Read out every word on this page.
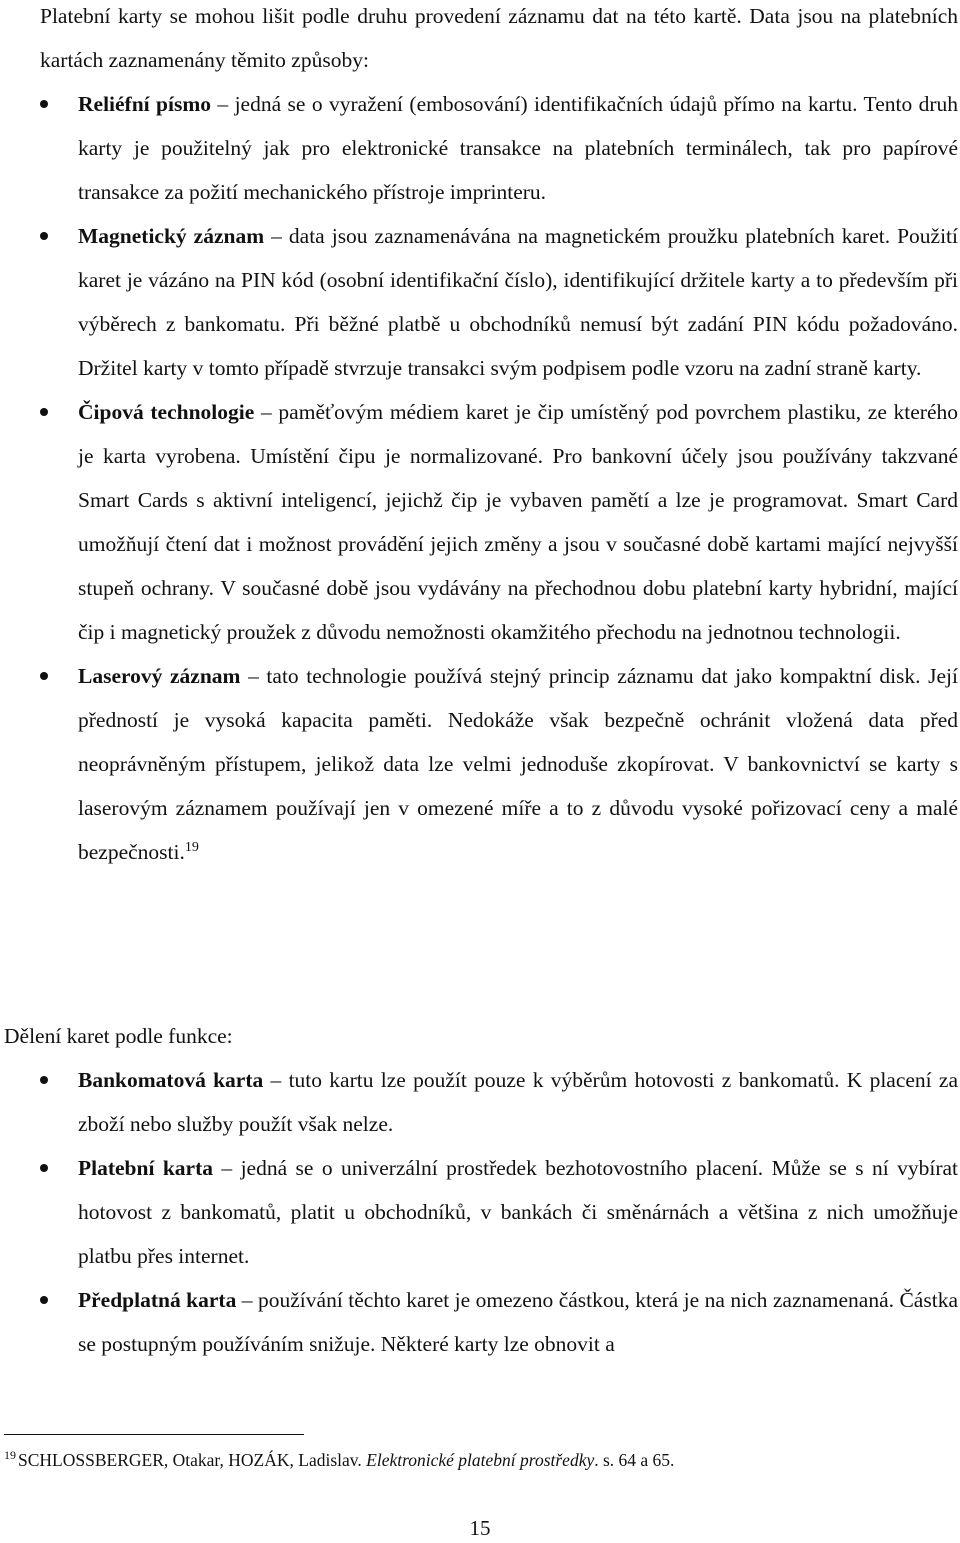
Platební karty se mohou lišit podle druhu provedení záznamu dat na této kartě. Data jsou na platebních kartách zaznamenány těmito způsoby:

Reliéfní písmo – jedná se o vyražení (embosování) identifikačních údajů přímo na kartu. Tento druh karty je použitelný jak pro elektronické transakce na platebních terminálech, tak pro papírové transakce za požití mechanického přístroje imprinteru.
Magnetický záznam – data jsou zaznamenávána na magnetickém proužku platebních karet. Použití karet je vázáno na PIN kód (osobní identifikační číslo), identifikující držitele karty a to především při výběrech z bankomatu. Při běžné platbě u obchodníků nemusí být zadání PIN kódu požadováno. Držitel karty v tomto případě stvrzuje transakci svým podpisem podle vzoru na zadní straně karty.
Čipová technologie – paměťovým médiem karet je čip umístěný pod povrchem plastiku, ze kterého je karta vyrobena. Umístění čipu je normalizované. Pro bankovní účely jsou používány takzvané Smart Cards s aktivní inteligencí, jejichž čip je vybaven pamětí a lze je programovat. Smart Card umožňují čtení dat i možnost provádění jejich změny a jsou v současné době kartami mající nejvyšší stupeň ochrany. V současné době jsou vydávány na přechodnou dobu platební karty hybridní, mající čip i magnetický proužek z důvodu nemožnosti okamžitého přechodu na jednotnou technologii.
Laserový záznam – tato technologie používá stejný princip záznamu dat jako kompaktní disk. Její předností je vysoká kapacita paměti. Nedokáže však bezpečně ochránit vložená data před neoprávněným přístupem, jelikož data lze velmi jednoduše zkopírovat. V bankovnictví se karty s laserovým záznamem používají jen v omezené míře a to z důvodu vysoké pořizovací ceny a malé bezpečnosti.$^{19}$

Dělení karet podle funkce:

Bankomatová karta – tuto kartu lze použít pouze k výběrům hotovosti z bankomatů. K placení za zboží nebo služby použít však nelze.
Platební karta – jedná se o univerzální prostředek bezhotovostního placení. Může se s ní vybírat hotovost z bankomatů, platit u obchodníků, v bankách či směnárnách a většina z nich umožňuje platbu přes internet.
Předplatná karta – používání těchto karet je omezeno částkou, která je na nich zaznamenaná. Částka se postupným používáním snižuje. Některé karty lze obnovit a

$^{19}$ SCHLOSSBERGER, Otakar, HOZÁK, Ladislav. Elektronické platební prostředky. s. 64 a 65.

15
